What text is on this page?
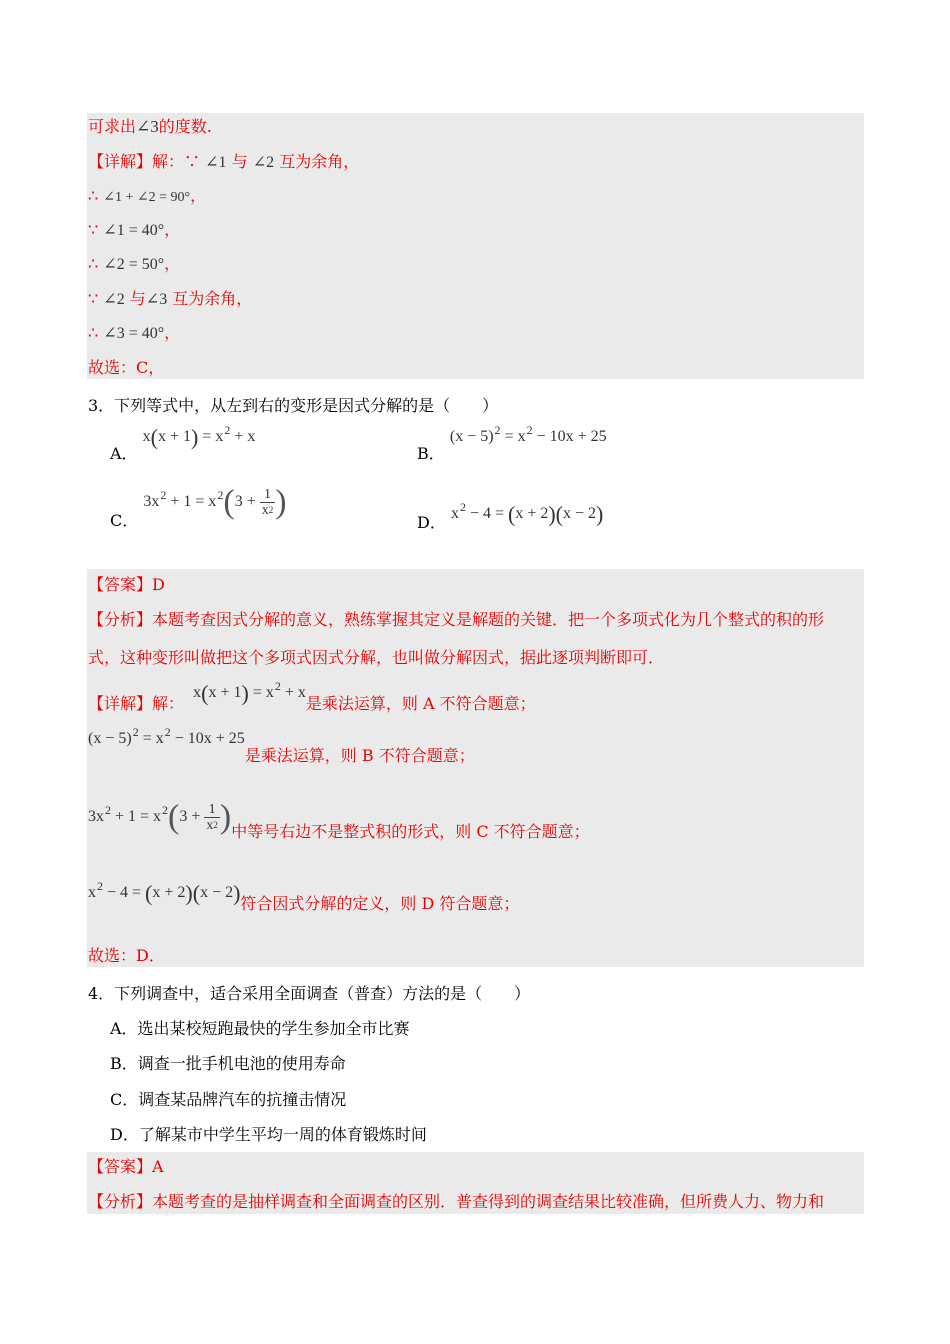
可求出∠3的度数.
【详解】解：∵ ∠1 与 ∠2 互为余角，
∴ ∠1 + ∠2 = 90°，
∵ ∠1 = 40°，
∴ ∠2 = 50°，
∵ ∠2 与∠3 互为余角，
∴ ∠3 = 40°，
故选：C，
3．下列等式中，从左到右的变形是因式分解的是（　　）
A． $x(x + 1) = x^2 + x$
B． $(x - 5)^2 = x^2 - 10x + 25$
C． $3x^2 + 1 = x^2(3 + \frac{1}{x^2}$ )
D． $x^2 - 4 = (x + 2)(x - 2)$
【答案】D
【分析】本题考查因式分解的意义，熟练掌握其定义是解题的关键．把一个多项式化为几个整式的积的形
式，这种变形叫做把这个多项式因式分解，也叫做分解因式，据此逐项判断即可．
【详解】解： $x(x + 1) = x^2 + x$是乘法运算，则 A 不符合题意；
$(x - 5)^2 = x^2 - 10x + 25$是乘法运算，则 B 不符合题意；
$3x^2 + 1 = x^2(3 + \frac{1}{x^2}$ )中等号右边不是整式积的形式，则 C 不符合题意；
$x^2 - 4 = (x + 2)(x - 2)$符合因式分解的定义，则 D 符合题意；
故选：D．
4．下列调查中，适合采用全面调查（普查）方法的是（　　）
A．选出某校短跑最快的学生参加全市比赛
B．调查一批手机电池的使用寿命
C．调查某品牌汽车的抗撞击情况
D．了解某市中学生平均一周的体育锻炼时间
【答案】A
【分析】本题考查的是抽样调查和全面调查的区别．普查得到的调查结果比较准确，但所费人力、物力和
